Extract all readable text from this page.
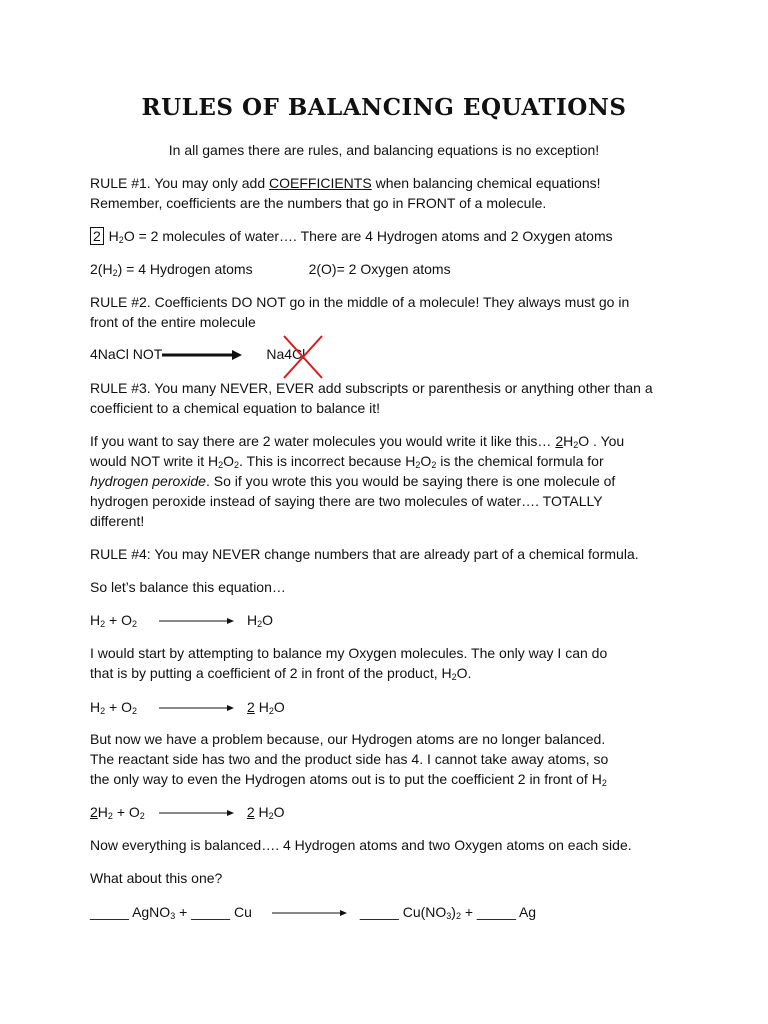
RULES OF BALANCING EQUATIONS
In all games there are rules, and balancing equations is no exception!
RULE #1. You may only add COEFFICIENTS when balancing chemical equations!
Remember, coefficients are the numbers that go in FRONT of a molecule.
2 $H_2O = 2$ molecules of water…. There are 4 Hydrogen atoms and 2 Oxygen atoms
$2(H_2) = 4$ Hydrogen atoms	2(O)= 2 Oxygen atoms
RULE #2. Coefficients DO NOT go in the middle of a molecule! They always must go in
front of the entire molecule
4NaCl NOT	Na4Cl
RULE #3. You many NEVER, EVER add subscripts or parenthesis or anything other than a
coefficient to a chemical equation to balance it!
If you want to say there are 2 water molecules you would write it like this… $2H_2O$ . You
would NOT write it $H_2O_2$. This is incorrect because $H_2O_2$ is the chemical formula for
hydrogen peroxide. So if you wrote this you would be saying there is one molecule of
hydrogen peroxide instead of saying there are two molecules of water…. TOTALLY
different!
RULE #4: You may NEVER change numbers that are already part of a chemical formula.
So let’s balance this equation…
$H_2 + O_2$	$H_2O$
I would start by attempting to balance my Oxygen molecules. The only way I can do
that is by putting a coefficient of 2 in front of the product, $H_2O$.
$H_2 + O_2$	2 $H_2O$
But now we have a problem because, our Hydrogen atoms are no longer balanced.
The reactant side has two and the product side has 4. I cannot take away atoms, so
the only way to even the Hydrogen atoms out is to put the coefficient 2 in front of $H_2$
$2H_2 + O_2$	2 $H_2O$
Now everything is balanced…. 4 Hydrogen atoms and two Oxygen atoms on each side.
What about this one?
_____ AgNO$_3$ + _____ Cu	_____ $Cu(NO_3)_2$ + _____ Ag
